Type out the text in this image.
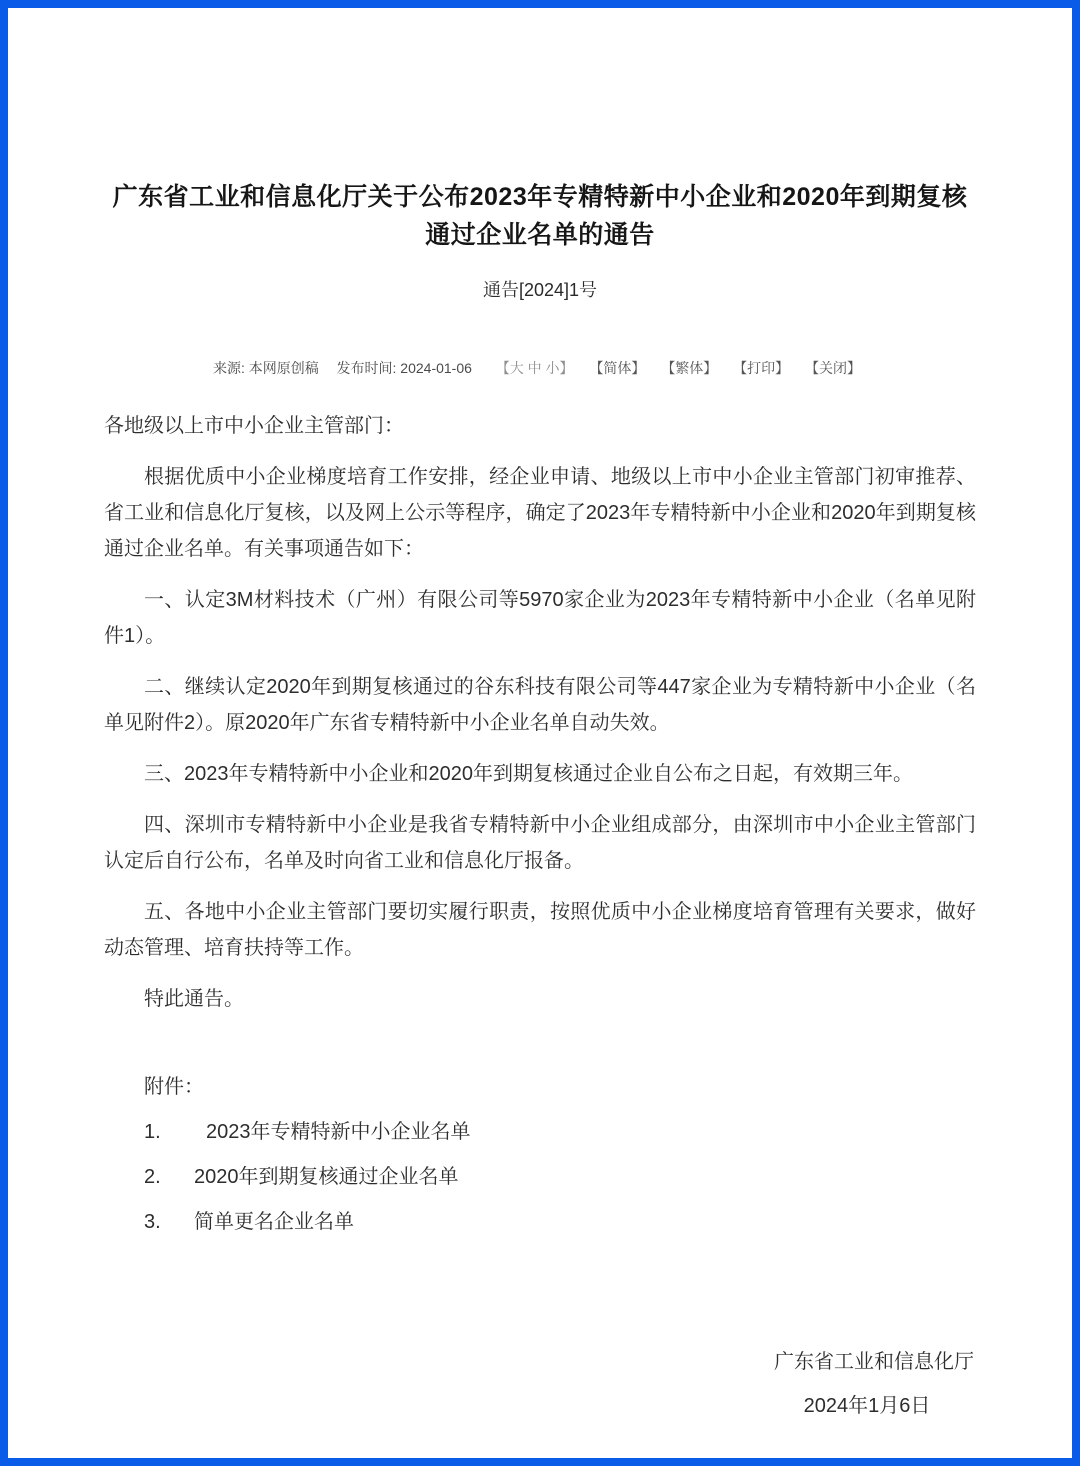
广东省工业和信息化厅关于公布2023年专精特新中小企业和2020年到期复核通过企业名单的通告
通告[2024]1号
来源: 本网原创稿 发布时间: 2024-01-06 【大 中 小】 【简体】 【繁体】 【打印】 【关闭】

各地级以上市中小企业主管部门：

根据优质中小企业梯度培育工作安排，经企业申请、地级以上市中小企业主管部门初审推荐、省工业和信息化厅复核，以及网上公示等程序，确定了2023年专精特新中小企业和2020年到期复核通过企业名单。有关事项通告如下：

一、认定3M材料技术（广州）有限公司等5970家企业为2023年专精特新中小企业（名单见附件1）。

二、继续认定2020年到期复核通过的谷东科技有限公司等447家企业为专精特新中小企业（名单见附件2）。原2020年广东省专精特新中小企业名单自动失效。

三、2023年专精特新中小企业和2020年到期复核通过企业自公布之日起，有效期三年。

四、深圳市专精特新中小企业是我省专精特新中小企业组成部分，由深圳市中小企业主管部门认定后自行公布，名单及时向省工业和信息化厅报备。

五、各地中小企业主管部门要切实履行职责，按照优质中小企业梯度培育管理有关要求，做好动态管理、培育扶持等工作。

特此通告。

附件：
1.	2023年专精特新中小企业名单
2.	2020年到期复核通过企业名单
3.	简单更名企业名单
广东省工业和信息化厅
2024年1月6日
